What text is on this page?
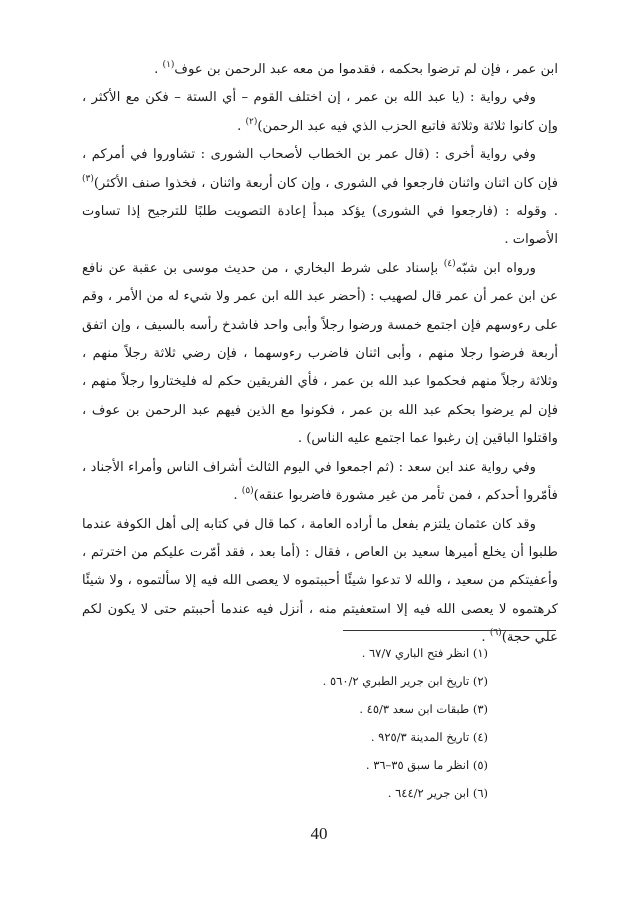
ابن عمر ، فإن لم ترضوا بحكمه ، فقدموا من معه عبد الرحمن بن عوف$^{(١)}$ .

وفي رواية : (يا عبد الله بن عمر ، إن اختلف القوم – أي الستة – فكن مع الأكثر ، وإن كانوا ثلاثة وثلاثة فاتبع الحزب الذي فيه عبد الرحمن)$^{(٢)}$ .

وفي رواية أخرى : (قال عمر بن الخطاب لأصحاب الشورى : تشاوروا في أمركم ، فإن كان اثنان واثنان فارجعوا في الشورى ، وإن كان أربعة واثنان ، فخذوا صنف الأكثر)$^{(٣)}$ . وقوله : (فارجعوا في الشورى) يؤكد مبدأ إعادة التصويت طلبًا للترجيح إذا تساوت الأصوات .

ورواه ابن شبّه$^{(٤)}$ بإسناد على شرط البخاري ، من حديث موسى بن عقبة عن نافع عن ابن عمر أن عمر قال لصهيب : (أحضر عبد الله ابن عمر ولا شيء له من الأمر ، وقم على رءوسهم فإن اجتمع خمسة ورضوا رجلاً وأبى واحد فاشدخ رأسه بالسيف ، وإن اتفق أربعة فرضوا رجلا منهم ، وأبى اثنان فاضرب رءوسهما ، فإن رضي ثلاثة رجلاً منهم ، وثلاثة رجلاً منهم فحكموا عبد الله بن عمر ، فأي الفريقين حكم له فليختاروا رجلاً منهم ، فإن لم يرضوا بحكم عبد الله بن عمر ، فكونوا مع الذين فيهم عبد الرحمن بن عوف ، واقتلوا الباقين إن رغبوا عما اجتمع عليه الناس) .

وفي رواية عند ابن سعد : (ثم اجمعوا في اليوم الثالث أشراف الناس وأمراء الأجناد ، فأمّروا أحدكم ، فمن تأمر من غير مشورة فاضربوا عنقه)$^{(٥)}$ .

وقد كان عثمان يلتزم بفعل ما أراده العامة ، كما قال في كتابه إلى أهل الكوفة عندما طلبوا أن يخلع أميرها سعيد بن العاص ، فقال : (أما بعد ، فقد أمّرت عليكم من اخترتم ، وأعفيتكم من سعيد ، والله لا تدعوا شيئًا أحببتموه لا يعصى الله فيه إلا سألتموه ، ولا شيئًا كرهتموه لا يعصى الله فيه إلا استعفيتم منه ، أنزل فيه عندما أحببتم حتى لا يكون لكم علي حجة)$^{(٦)}$ .

(١) انظر فتح الباري ٦٧/٧ .
(٢) تاريخ ابن جرير الطبري ٥٦٠/٢ .
(٣) طبقات ابن سعد ٤٥/٣ .
(٤) تاريخ المدينة ٩٢٥/٣ .
(٥) انظر ما سبق ٣٥–٣٦ .
(٦) ابن جرير ٦٤٤/٢ .
40
